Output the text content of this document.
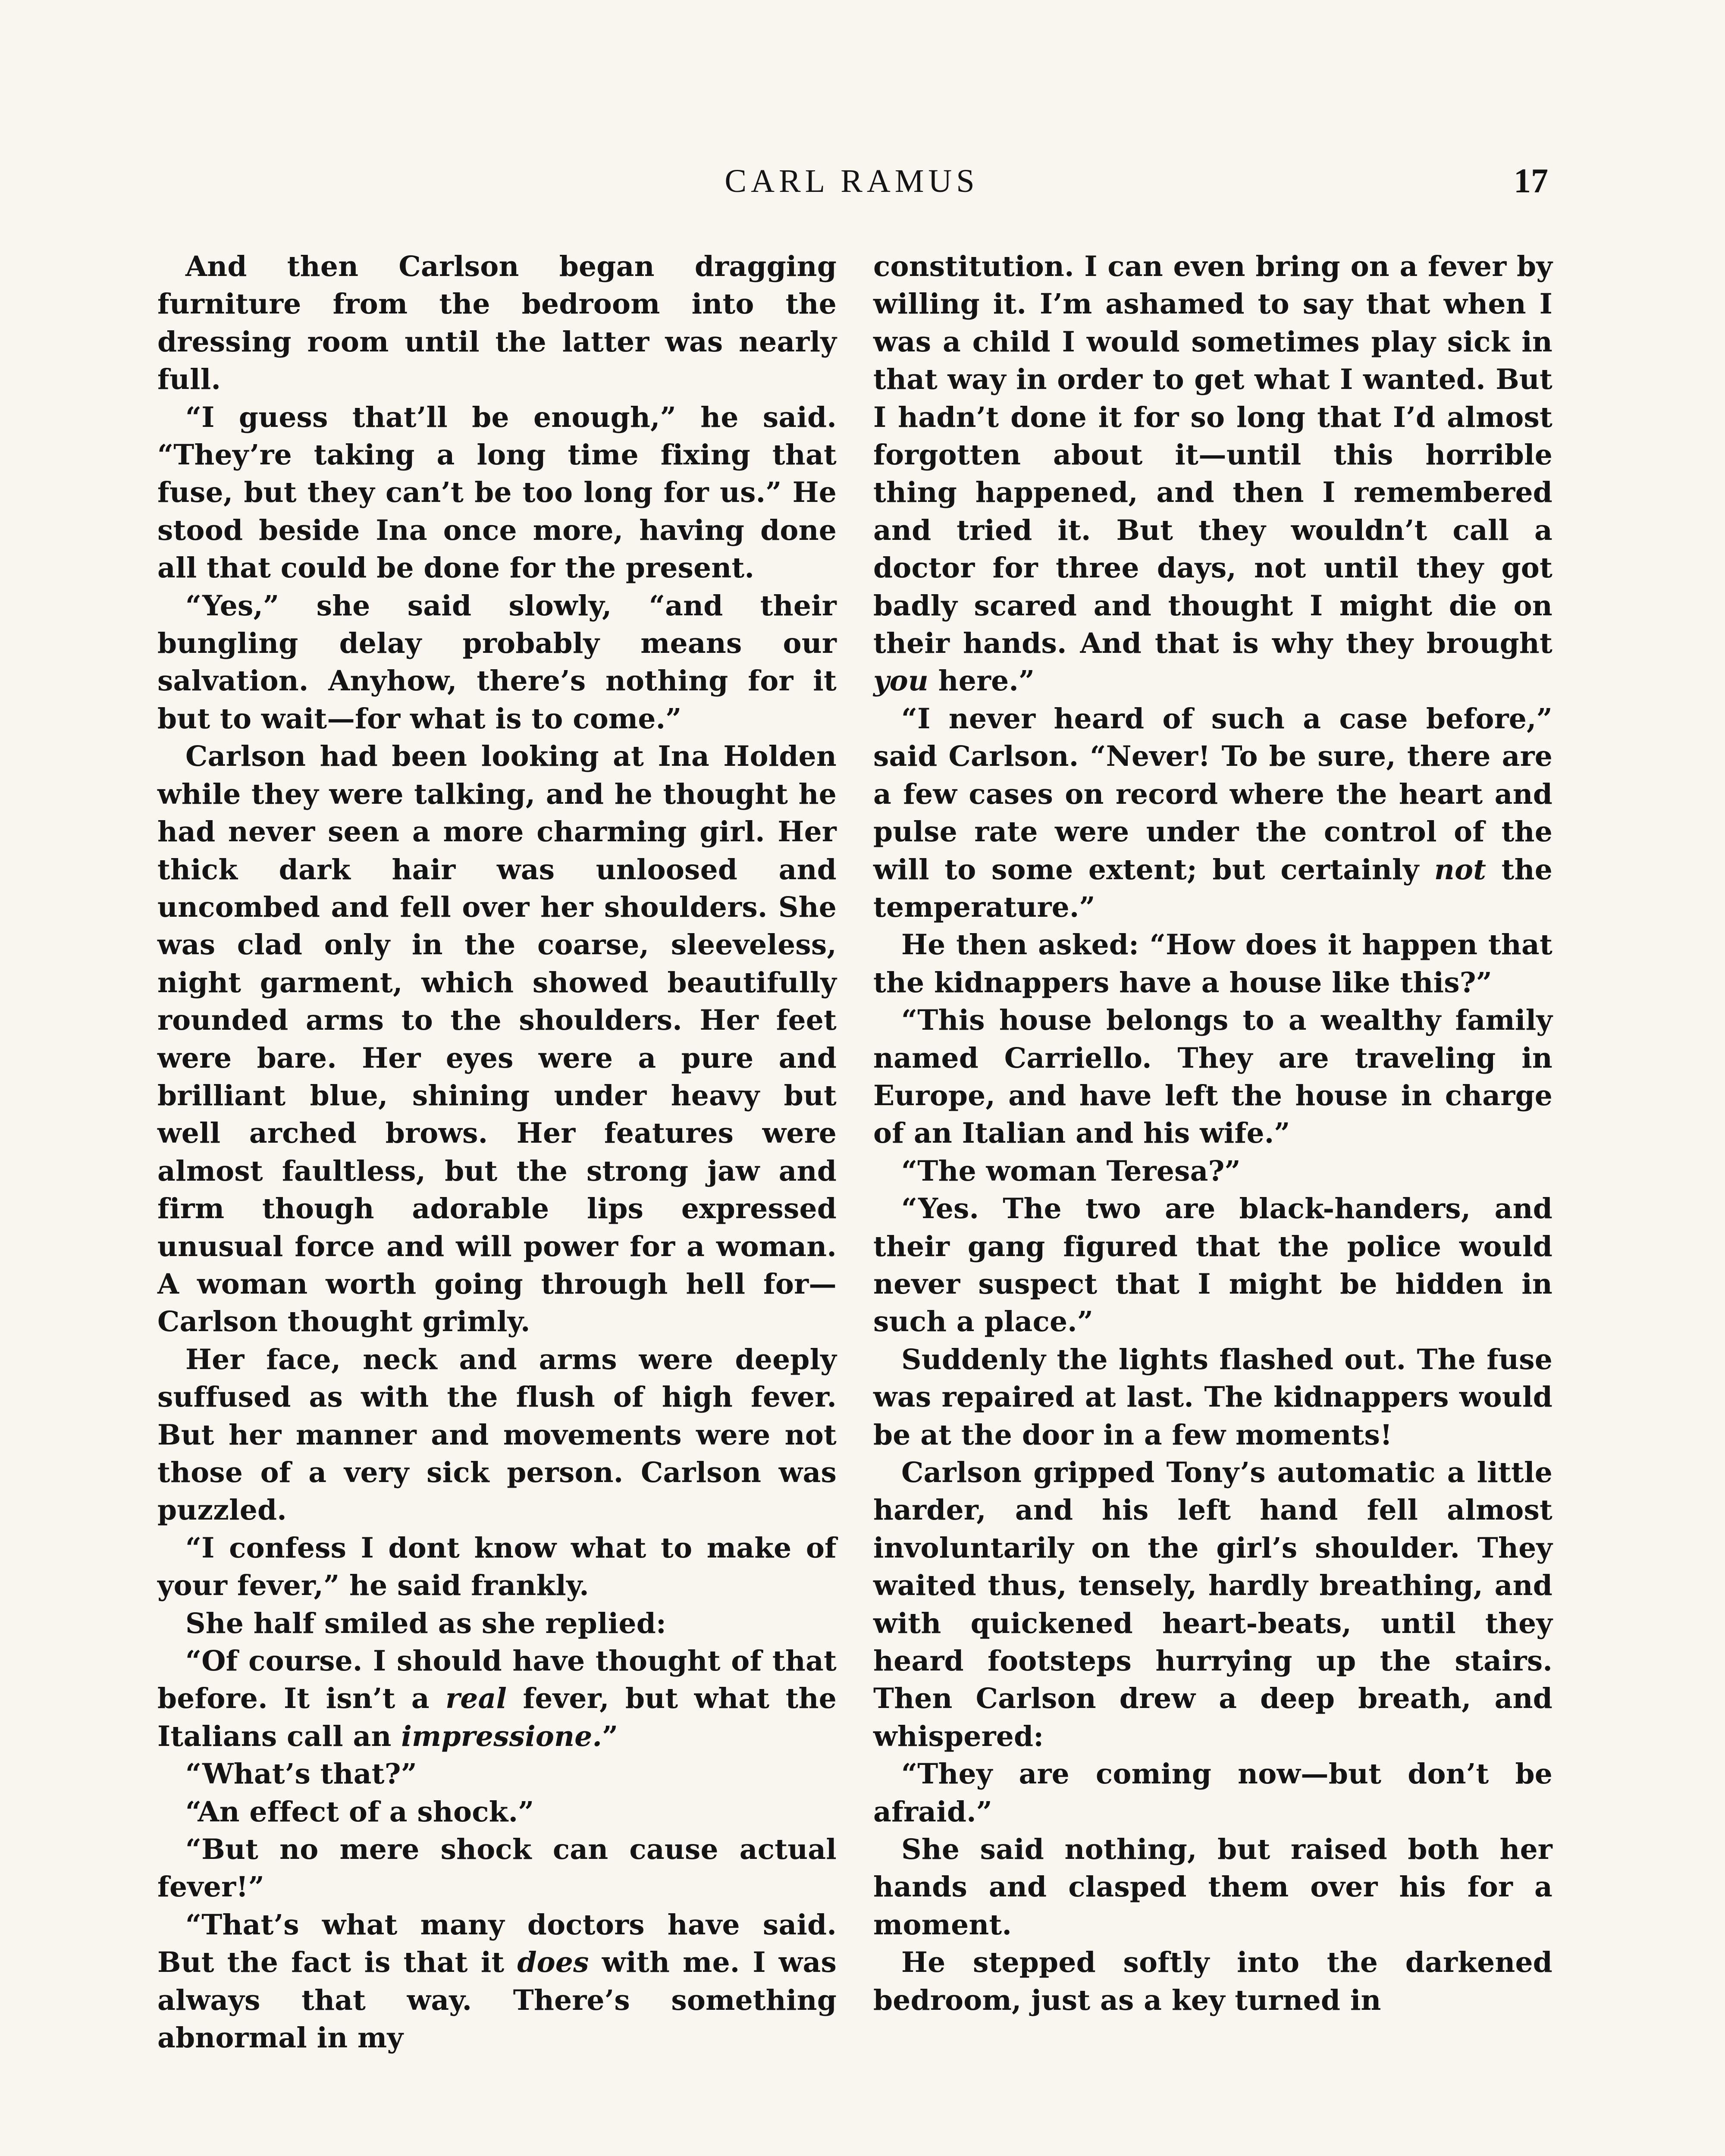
CARL RAMUS	17

And then Carlson began dragging furniture from the bedroom into the dressing room until the latter was nearly full.

“I guess that’ll be enough,” he said. “They’re taking a long time fixing that fuse, but they can’t be too long for us.” He stood beside Ina once more, having done all that could be done for the present.

“Yes,” she said slowly, “and their bungling delay probably means our salvation. Anyhow, there’s nothing for it but to wait—for what is to come.”

Carlson had been looking at Ina Holden while they were talking, and he thought he had never seen a more charming girl. Her thick dark hair was unloosed and uncombed and fell over her shoulders. She was clad only in the coarse, sleeveless, night garment, which showed beautifully rounded arms to the shoulders. Her feet were bare. Her eyes were a pure and brilliant blue, shining under heavy but well arched brows. Her features were almost faultless, but the strong jaw and firm though adorable lips expressed unusual force and will power for a woman. A woman worth going through hell for—Carlson thought grimly.

Her face, neck and arms were deeply suffused as with the flush of high fever. But her manner and movements were not those of a very sick person. Carlson was puzzled.

“I confess I dont know what to make of your fever,” he said frankly.

She half smiled as she replied:

“Of course. I should have thought of that before. It isn’t a real fever, but what the Italians call an impressione.”

“What’s that?”

“An effect of a shock.”

“But no mere shock can cause actual fever!”

“That’s what many doctors have said. But the fact is that it does with me. I was always that way. There’s something abnormal in my

constitution. I can even bring on a fever by willing it. I’m ashamed to say that when I was a child I would sometimes play sick in that way in order to get what I wanted. But I hadn’t done it for so long that I’d almost forgotten about it—until this horrible thing happened, and then I remembered and tried it. But they wouldn’t call a doctor for three days, not until they got badly scared and thought I might die on their hands. And that is why they brought you here.”

“I never heard of such a case before,” said Carlson. “Never! To be sure, there are a few cases on record where the heart and pulse rate were under the control of the will to some extent; but certainly not the temperature.”

He then asked: “How does it happen that the kidnappers have a house like this?”

“This house belongs to a wealthy family named Carriello. They are traveling in Europe, and have left the house in charge of an Italian and his wife.”

“The woman Teresa?”

“Yes. The two are black-handers, and their gang figured that the police would never suspect that I might be hidden in such a place.”

Suddenly the lights flashed out. The fuse was repaired at last. The kidnappers would be at the door in a few moments!

Carlson gripped Tony’s automatic a little harder, and his left hand fell almost involuntarily on the girl’s shoulder. They waited thus, tensely, hardly breathing, and with quickened heart-beats, until they heard footsteps hurrying up the stairs. Then Carlson drew a deep breath, and whispered:

“They are coming now—but don’t be afraid.”

She said nothing, but raised both her hands and clasped them over his for a moment.

He stepped softly into the darkened bedroom, just as a key turned in
